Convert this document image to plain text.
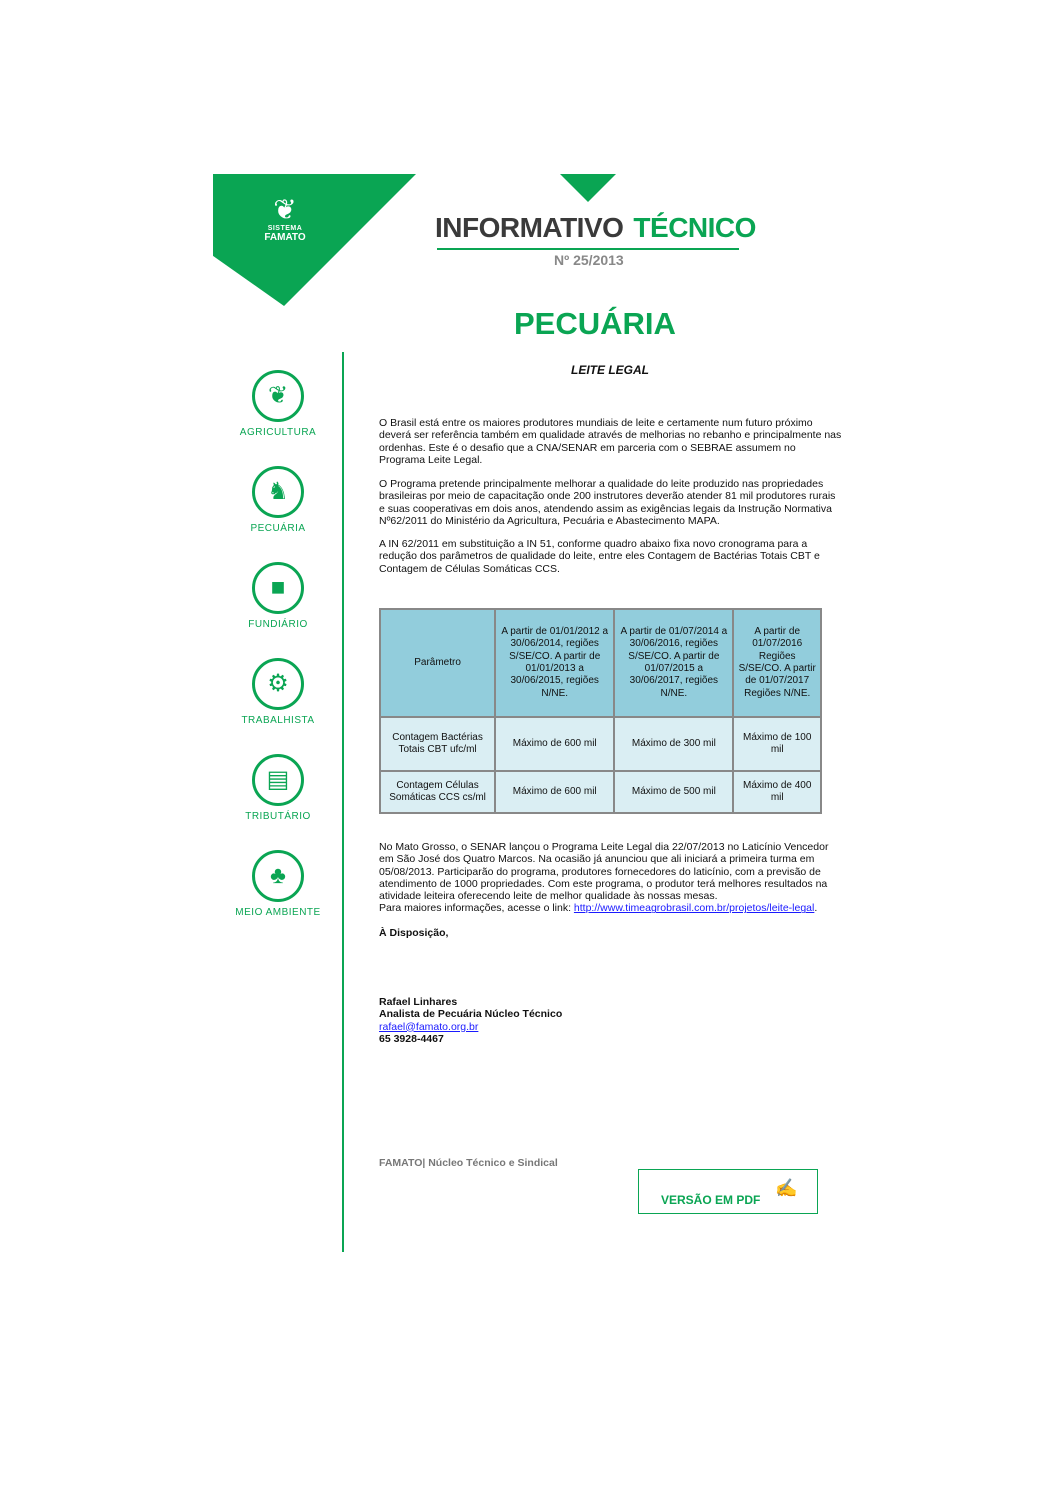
❦
SISTEMA
FAMATO	INFORMATIVO TÉCNICO
Nº 25/2013
PECUÁRIA
❦
AGRICULTURA
♞
PECUÁRIA
■
FUNDIÁRIO
⚙
TRABALHISTA
▤
TRIBUTÁRIO
♣
MEIO AMBIENTE
LEITE LEGAL
O Brasil está entre os maiores produtores mundiais de leite e certamente num futuro próximo deverá ser referência também em qualidade através de melhorias no rebanho e principalmente nas ordenhas. Este é o desafio que a CNA/SENAR em parceria com o SEBRAE assumem no Programa Leite Legal.
O Programa pretende principalmente melhorar a qualidade do leite produzido nas propriedades brasileiras por meio de capacitação onde 200 instrutores deverão atender 81 mil produtores rurais e suas cooperativas em dois anos, atendendo assim as exigências legais da Instrução Normativa Nº62/2011 do Ministério da Agricultura, Pecuária e Abastecimento MAPA.
A IN 62/2011 em substituição a IN 51, conforme quadro abaixo fixa novo cronograma para a redução dos parâmetros de qualidade do leite, entre eles Contagem de Bactérias Totais CBT e Contagem de Células Somáticas CCS.
Parâmetro	A partir de 01/01/2012 a 30/06/2014, regiões S/SE/CO. A partir de 01/01/2013 a 30/06/2015, regiões N/NE.	A partir de 01/07/2014 a 30/06/2016, regiões S/SE/CO. A partir de 01/07/2015 a 30/06/2017, regiões N/NE.	A partir de 01/07/2016 Regiões S/SE/CO. A partir de 01/07/2017 Regiões N/NE.
Contagem Bactérias Totais CBT ufc/ml	Máximo de 600 mil	Máximo de 300 mil	Máximo de 100 mil
Contagem Células Somáticas CCS cs/ml	Máximo de 600 mil	Máximo de 500 mil	Máximo de 400 mil
No Mato Grosso, o SENAR lançou o Programa Leite Legal dia 22/07/2013 no Laticínio Vencedor em São José dos Quatro Marcos. Na ocasião já anunciou que ali iniciará a primeira turma em 05/08/2013. Participarão do programa, produtores fornecedores do laticínio, com a previsão de atendimento de 1000 propriedades. Com este programa, o produtor terá melhores resultados na atividade leiteira oferecendo leite de melhor qualidade às nossas mesas.
Para maiores informações, acesse o link: http://www.timeagrobrasil.com.br/projetos/leite-legal.
À Disposição,
Rafael Linhares
Analista de Pecuária Núcleo Técnico
rafael@famato.org.br
65 3928-4467
FAMATO| Núcleo Técnico e Sindical
VERSÃO EM PDF
✍
